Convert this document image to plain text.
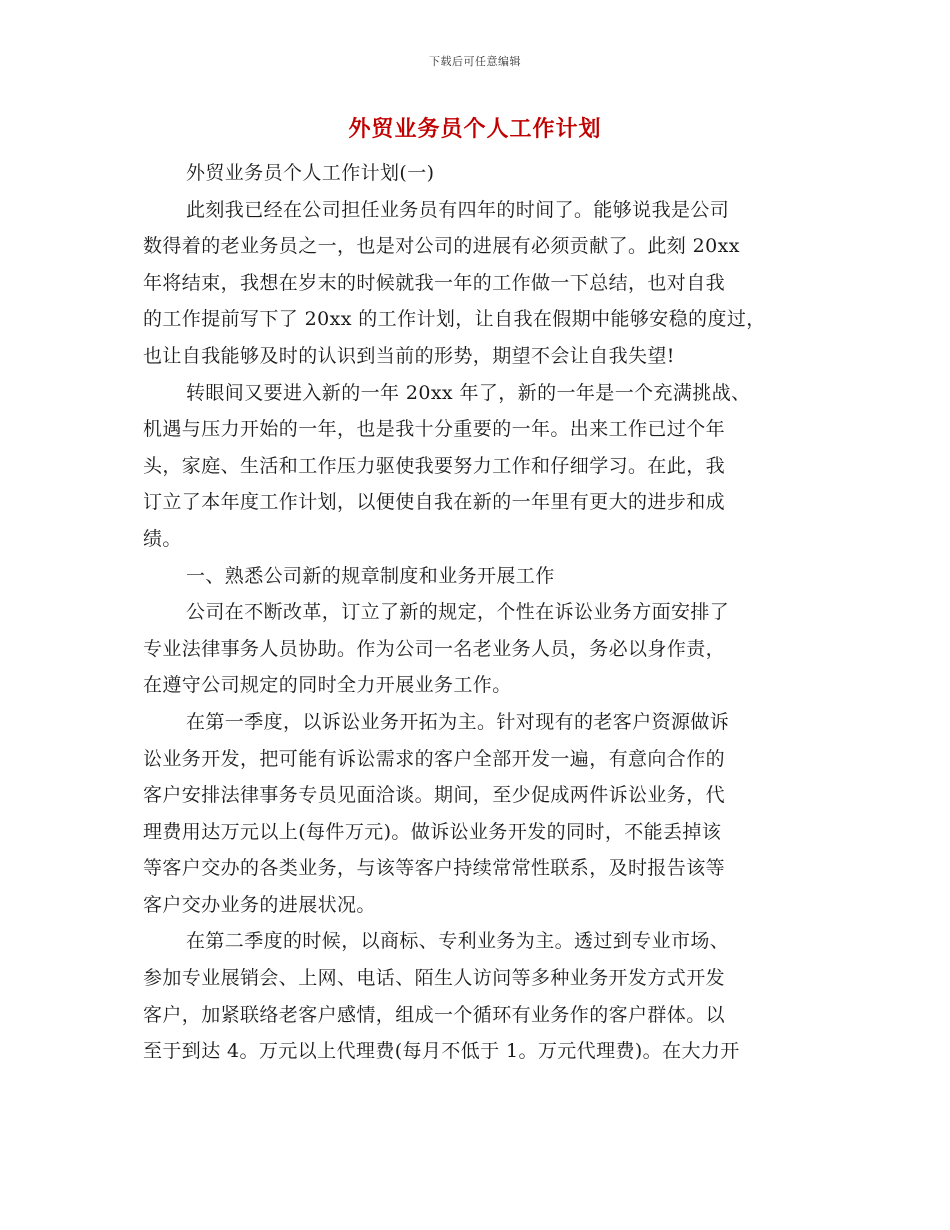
下载后可任意编辑
外贸业务员个人工作计划
外贸业务员个人工作计划(一)
此刻我已经在公司担任业务员有四年的时间了。能够说我是公司
数得着的老业务员之一，也是对公司的进展有必须贡献了。此刻 20xx
年将结束，我想在岁末的时候就我一年的工作做一下总结，也对自我
的工作提前写下了 20xx 的工作计划，让自我在假期中能够安稳的度过，
也让自我能够及时的认识到当前的形势，期望不会让自我失望!
转眼间又要进入新的一年 20xx 年了，新的一年是一个充满挑战、
机遇与压力开始的一年，也是我十分重要的一年。出来工作已过个年
头，家庭、生活和工作压力驱使我要努力工作和仔细学习。在此，我
订立了本年度工作计划，以便使自我在新的一年里有更大的进步和成
绩。
一、熟悉公司新的规章制度和业务开展工作
公司在不断改革，订立了新的规定，个性在诉讼业务方面安排了
专业法律事务人员协助。作为公司一名老业务人员，务必以身作责，
在遵守公司规定的同时全力开展业务工作。
在第一季度，以诉讼业务开拓为主。针对现有的老客户资源做诉
讼业务开发，把可能有诉讼需求的客户全部开发一遍，有意向合作的
客户安排法律事务专员见面洽谈。期间，至少促成两件诉讼业务，代
理费用达万元以上(每件万元)。做诉讼业务开发的同时，不能丢掉该
等客户交办的各类业务，与该等客户持续常常性联系，及时报告该等
客户交办业务的进展状况。
在第二季度的时候，以商标、专利业务为主。透过到专业市场、
参加专业展销会、上网、电话、陌生人访问等多种业务开发方式开发
客户，加紧联络老客户感情，组成一个循环有业务作的客户群体。以
至于到达 4。万元以上代理费(每月不低于 1。万元代理费)。在大力开
